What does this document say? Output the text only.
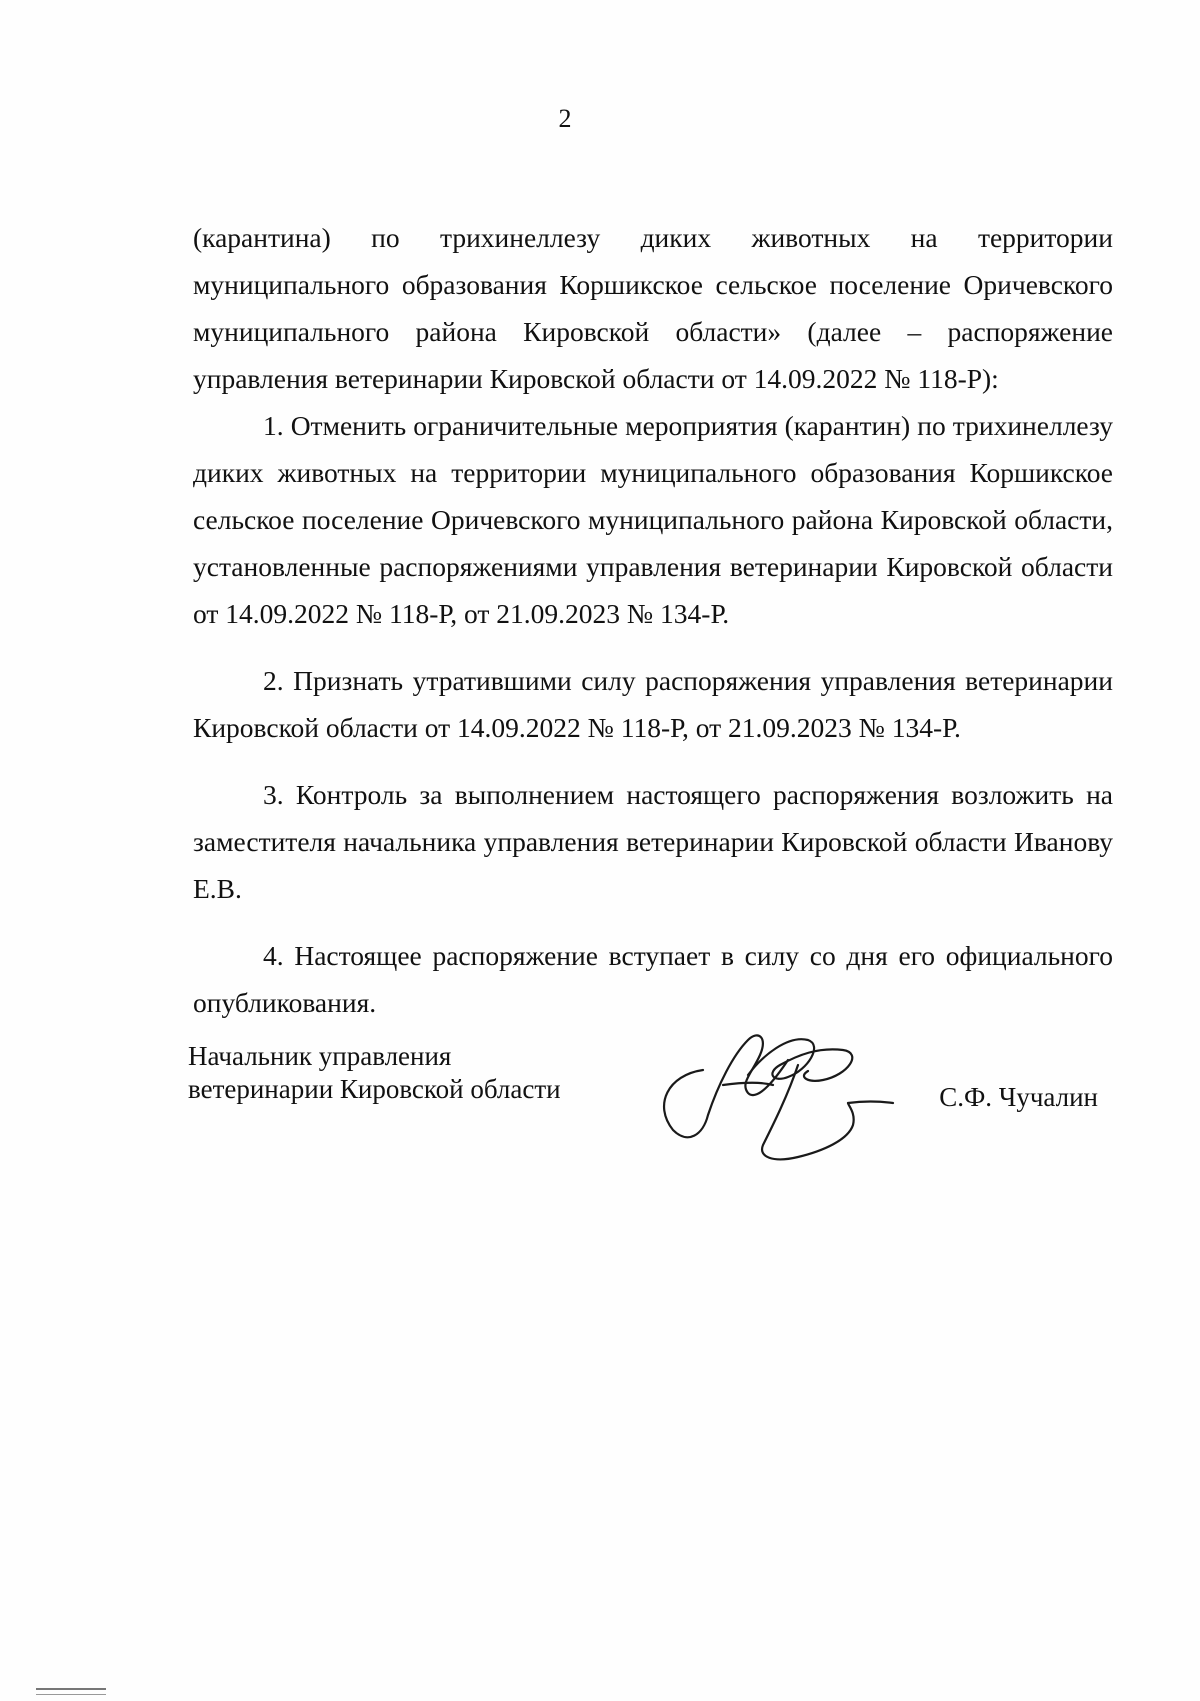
2

(карантина) по трихинеллезу диких животных на территории муниципального образования Коршикское сельское поселение Оричевского муниципального района Кировской области» (далее – распоряжение управления ветеринарии Кировской области от 14.09.2022 № 118-Р):

1. Отменить ограничительные мероприятия (карантин) по трихинеллезу диких животных на территории муниципального образования Коршикское сельское поселение Оричевского муниципального района Кировской области, установленные распоряжениями управления ветеринарии Кировской области от 14.09.2022 № 118-Р, от 21.09.2023 № 134-Р.

2. Признать утратившими силу распоряжения управления ветеринарии Кировской области от 14.09.2022 № 118-Р, от 21.09.2023 № 134-Р.

3. Контроль за выполнением настоящего распоряжения возложить на заместителя начальника управления ветеринарии Кировской области Иванову Е.В.

4. Настоящее распоряжение вступает в силу со дня его официального опубликования.

Начальник управления
ветеринарии Кировской области	С.Ф. Чучалин
